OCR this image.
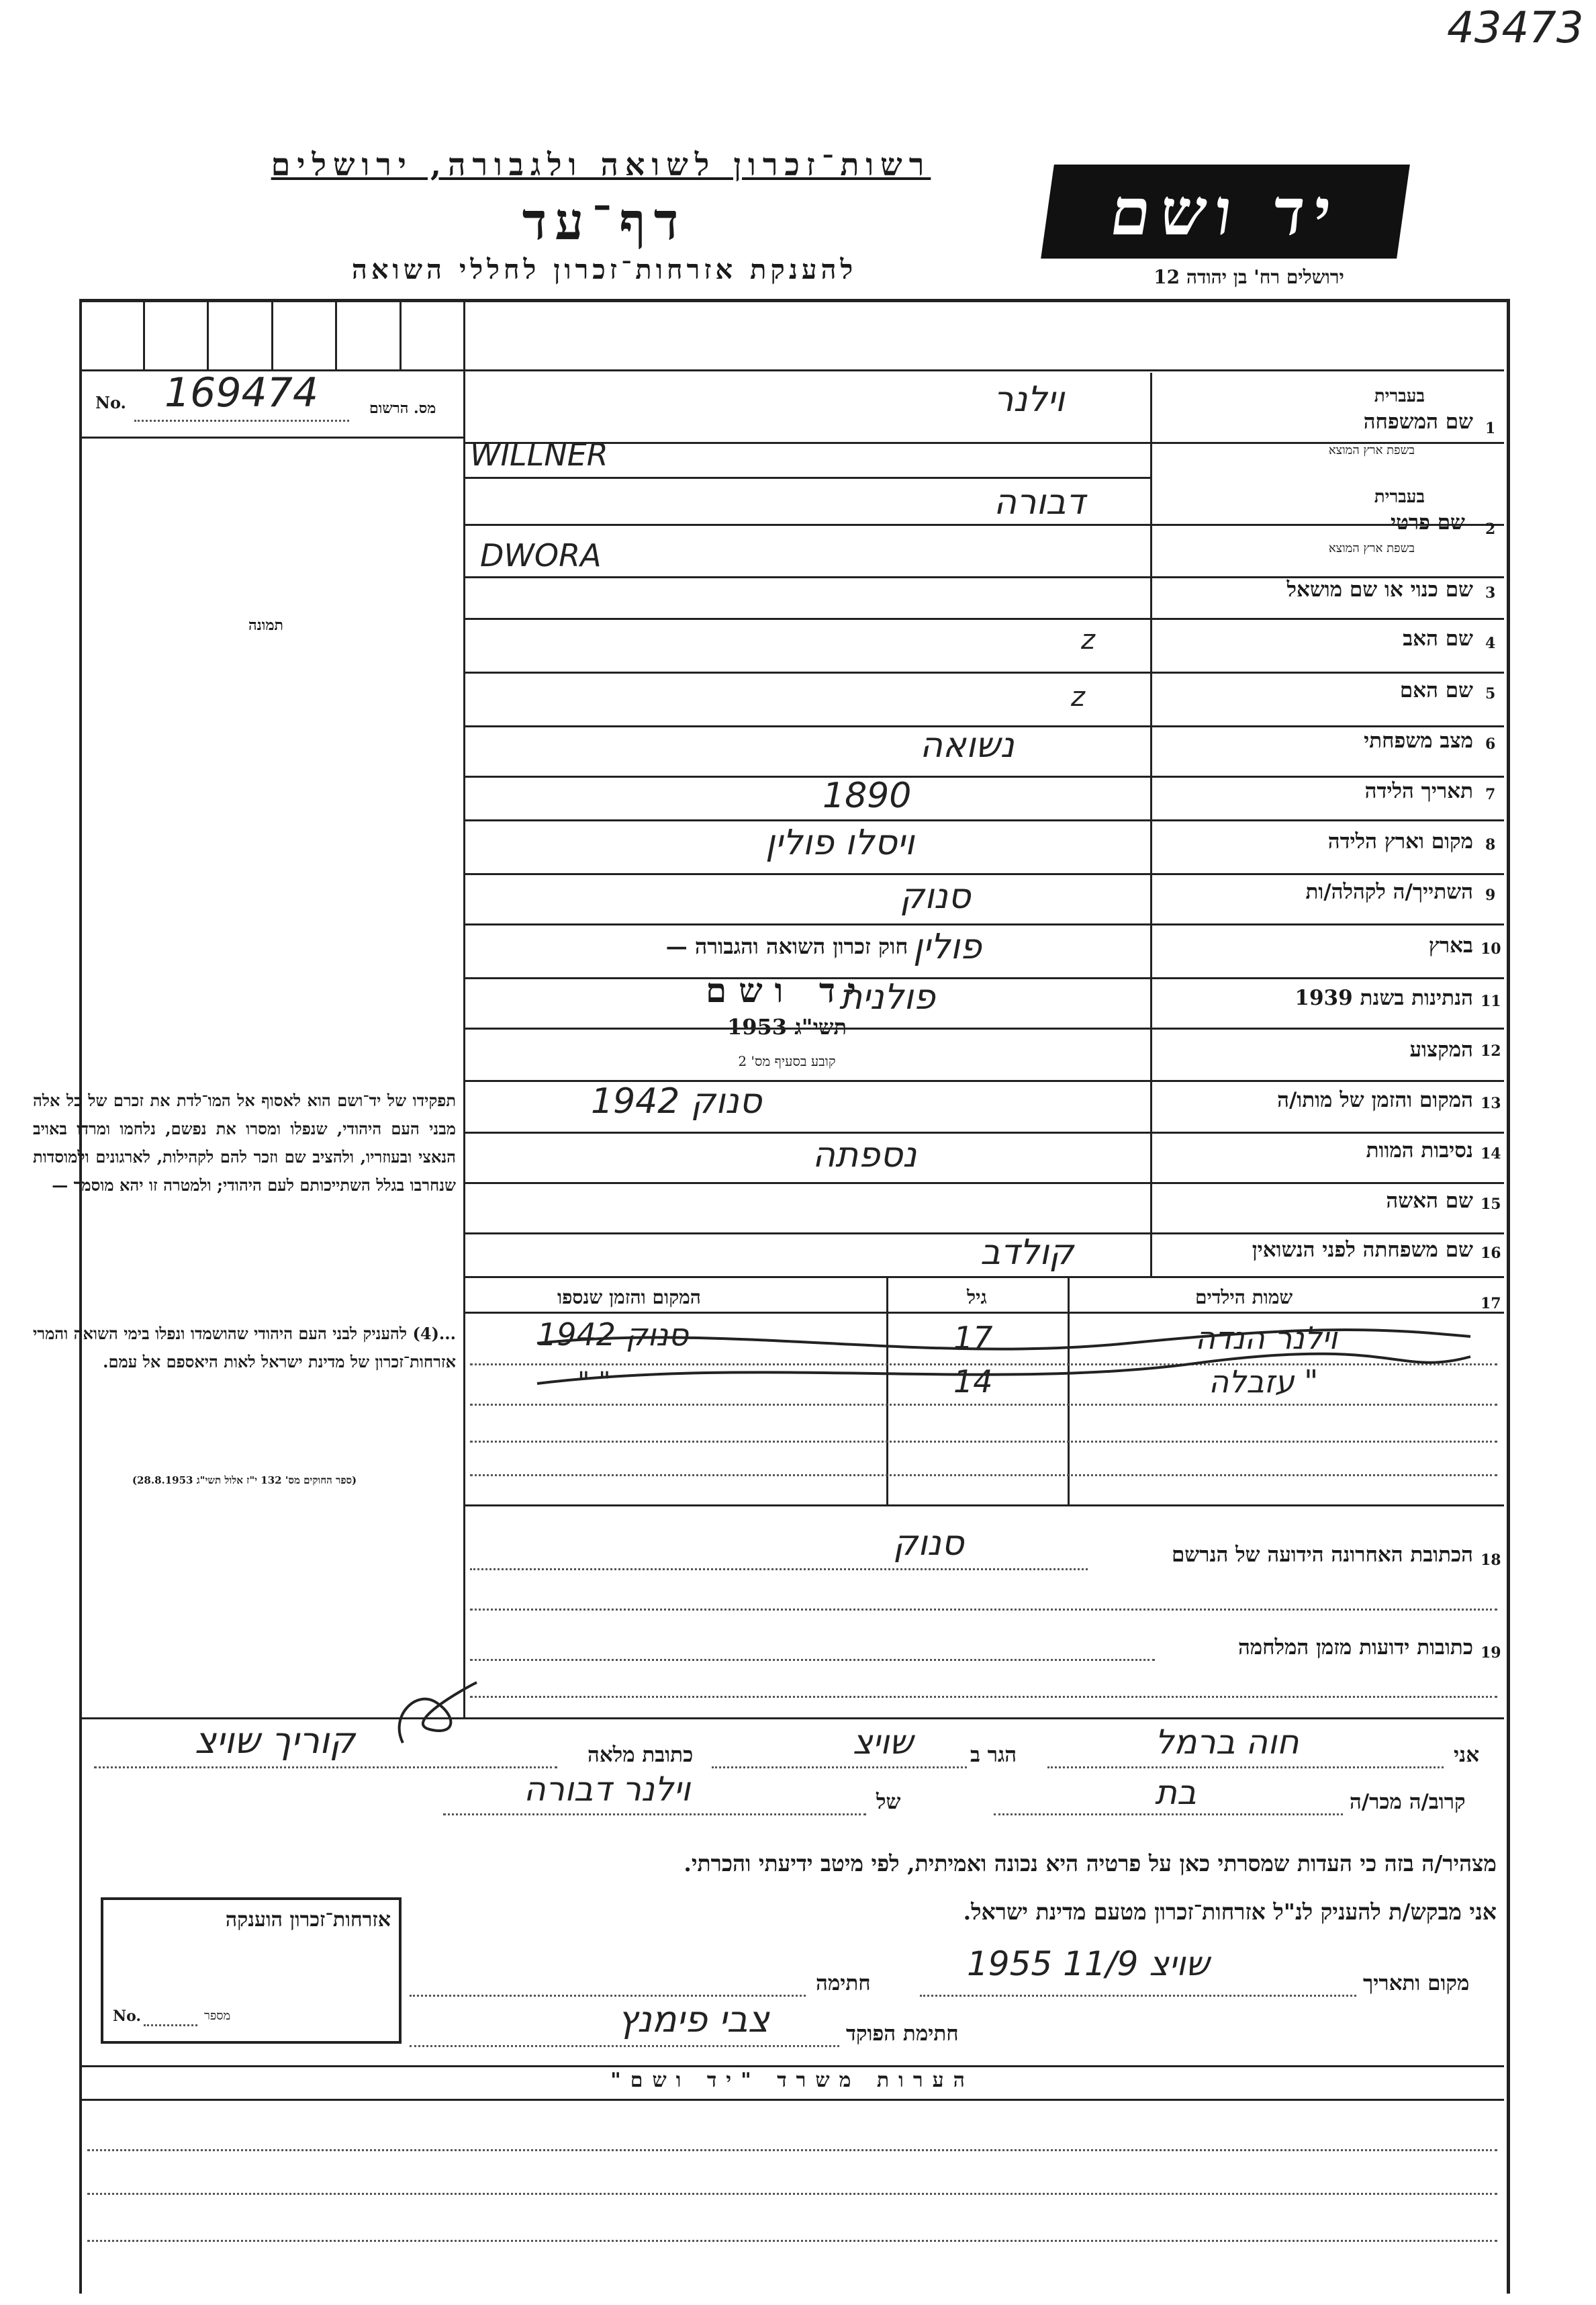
43473
רשות־זכרון לשואה ולגבורה, ירושלים
דף־עד
להענקת אזרחות־זכרון לחללי השואה
יד ושם
ירושלים רח' בן יהודה 12
No. 169474	מס. הרשום
תמונה
חוק זכרון השואה והגבורה —
יד ושם
תשי"ג 1953
קובע בסעיף מס' 2
תפקידו של יד־ושם הוא לאסוף אל המו־לדת את זכרם של כל אלה מבני העם היהודי, שנפלו ומסרו את נפשם, נלחמו ומרדו באויב הנאצי ובעוזריו, ולהציב שם וזכר להם לקהילות, לארגונים ולמוסדות שנחרבו בגלל השתייכותם לעם היהודי; ולמטרה זו יהא מוסמך —
...(4) להעניק לבני העם היהודי שהושמדו ונפלו בימי השואה והמרי אזרחות־זכרון של מדינת ישראל לאות היאספם אל עמם.
(ספר החוקים מס' 132 י"ז אלול תשי"ג 28.8.1953)
1
שם המשפחה
בעברית
בשפת ארץ המוצא
וילנר
WILLNER
2
שם פרטי
בעברית
בשפת ארץ המוצא
דבורה
DWORA
3
שם כנוי או שם מושאל
4
שם האב
z
5
שם האם
z
6
מצב משפחתי
נשואה
7
תאריך הלידה
1890
8
מקום וארץ הלידה
ויסלו פולין
9
השתייך/ה לקהלה/ות
סנוק
10
בארץ
פולין
11
הנתינות בשנת 1939
פולנית
12
המקצוע
13
המקום והזמן של מותו/ה
1942 סנוק
14
נסיבות המוות
נספתה
15
שם האשה
16
שם משפחתה לפני הנשואין
קולדב
17
שמות הילדים
גיל
המקום והזמן שנספו
וילנר הנדה
17
1942 סנוק
" עזבלה
14
" "
18
הכתובת האחרונה הידועה של הנרשם
סנוק
19
כתובות ידועות מזמן המלחמה
אני
חוה ברמל
הגר ב
שויצ
כתובת מלאה
קוריך שויצ
קרוב/ה מכר/ה
בת
של
וילנר דבורה
מצהיר/ה בזה כי העדות שמסרתי כאן על פרטיה היא נכונה ואמיתית, לפי מיטב ידיעתי והכרתי.
אני מבקש/ת להעניק לנ"ל אזרחות־זכרון מטעם מדינת ישראל.
מקום ותאריך
שויצ 11/9 1955
חתימה
חתימת הפוקד
צבי פימנץ
אזרחות־זכרון הוענקה
No.	מספר
הערות משרד "יד ושם"
